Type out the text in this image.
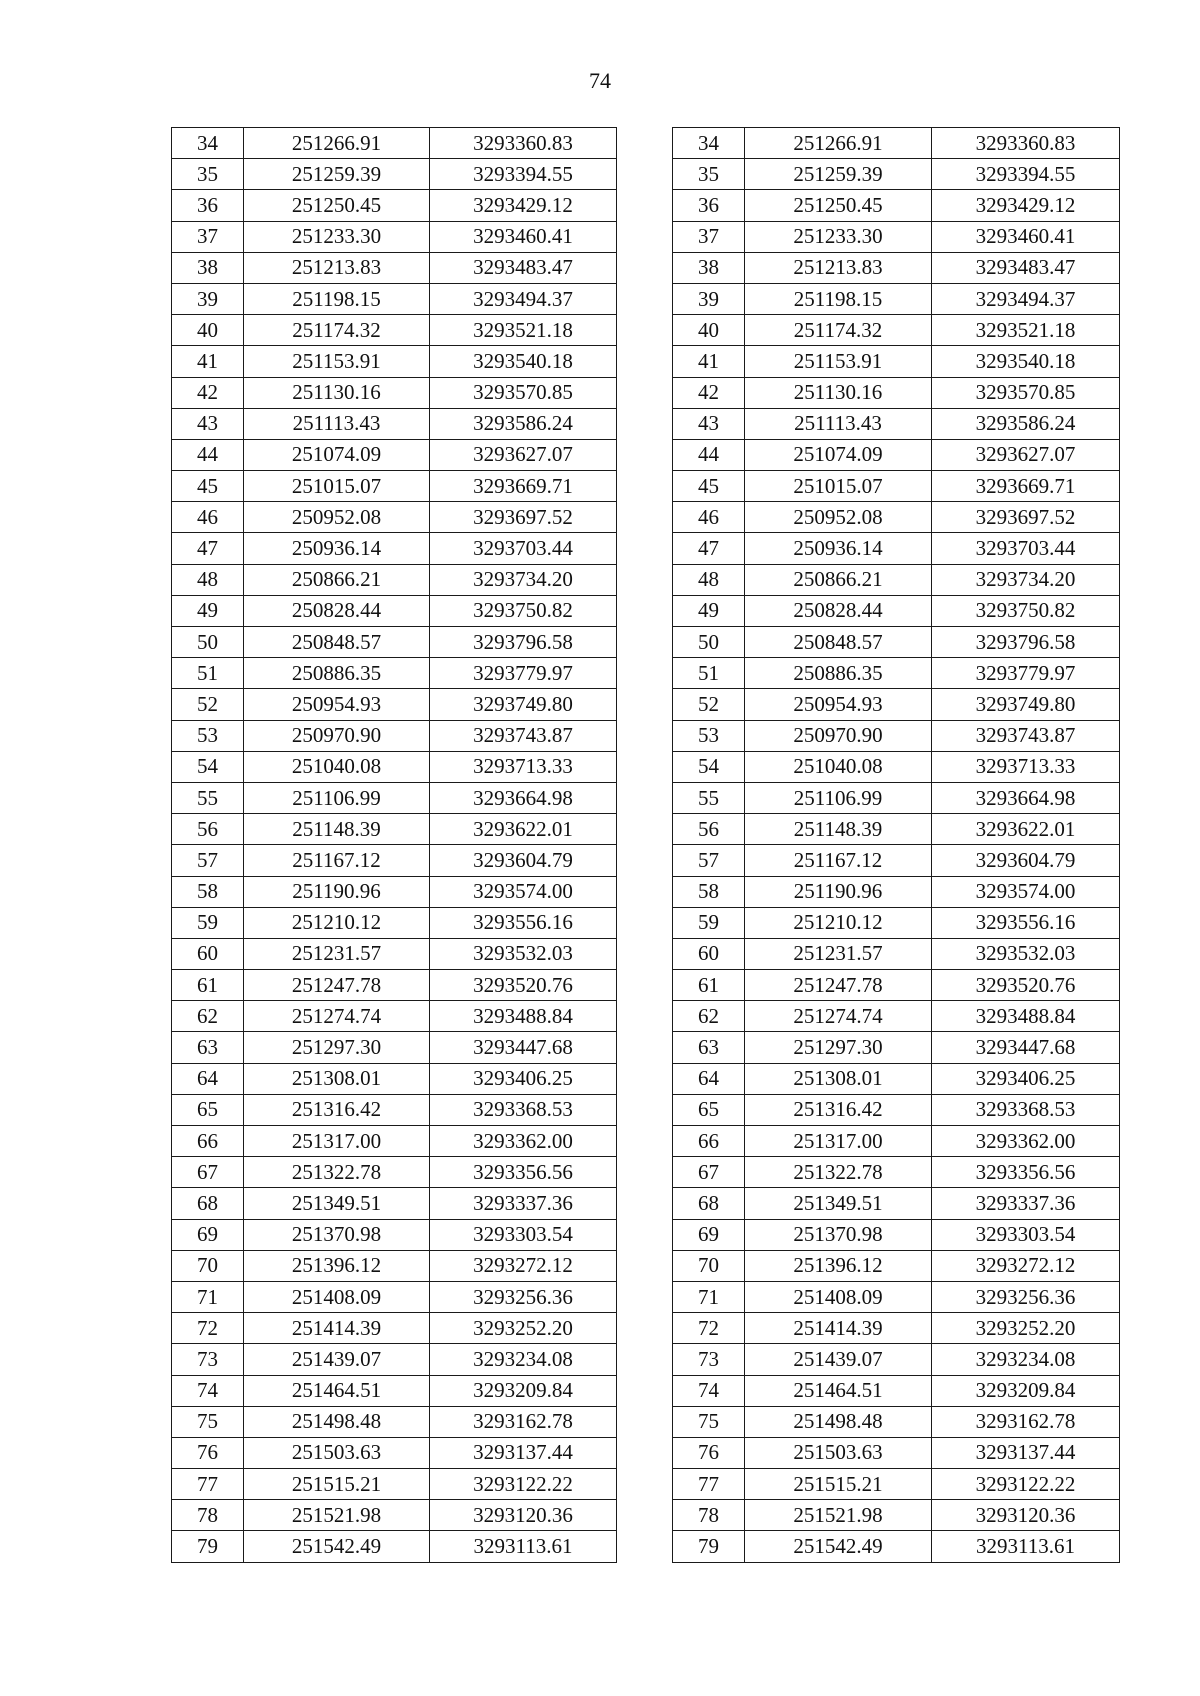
74
34	251266.91	3293360.83		34	251266.91	3293360.83
35	251259.39	3293394.55		35	251259.39	3293394.55
36	251250.45	3293429.12		36	251250.45	3293429.12
37	251233.30	3293460.41		37	251233.30	3293460.41
38	251213.83	3293483.47		38	251213.83	3293483.47
39	251198.15	3293494.37		39	251198.15	3293494.37
40	251174.32	3293521.18		40	251174.32	3293521.18
41	251153.91	3293540.18		41	251153.91	3293540.18
42	251130.16	3293570.85		42	251130.16	3293570.85
43	251113.43	3293586.24		43	251113.43	3293586.24
44	251074.09	3293627.07		44	251074.09	3293627.07
45	251015.07	3293669.71		45	251015.07	3293669.71
46	250952.08	3293697.52		46	250952.08	3293697.52
47	250936.14	3293703.44		47	250936.14	3293703.44
48	250866.21	3293734.20		48	250866.21	3293734.20
49	250828.44	3293750.82		49	250828.44	3293750.82
50	250848.57	3293796.58		50	250848.57	3293796.58
51	250886.35	3293779.97		51	250886.35	3293779.97
52	250954.93	3293749.80		52	250954.93	3293749.80
53	250970.90	3293743.87		53	250970.90	3293743.87
54	251040.08	3293713.33		54	251040.08	3293713.33
55	251106.99	3293664.98		55	251106.99	3293664.98
56	251148.39	3293622.01		56	251148.39	3293622.01
57	251167.12	3293604.79		57	251167.12	3293604.79
58	251190.96	3293574.00		58	251190.96	3293574.00
59	251210.12	3293556.16		59	251210.12	3293556.16
60	251231.57	3293532.03		60	251231.57	3293532.03
61	251247.78	3293520.76		61	251247.78	3293520.76
62	251274.74	3293488.84		62	251274.74	3293488.84
63	251297.30	3293447.68		63	251297.30	3293447.68
64	251308.01	3293406.25		64	251308.01	3293406.25
65	251316.42	3293368.53		65	251316.42	3293368.53
66	251317.00	3293362.00		66	251317.00	3293362.00
67	251322.78	3293356.56		67	251322.78	3293356.56
68	251349.51	3293337.36		68	251349.51	3293337.36
69	251370.98	3293303.54		69	251370.98	3293303.54
70	251396.12	3293272.12		70	251396.12	3293272.12
71	251408.09	3293256.36		71	251408.09	3293256.36
72	251414.39	3293252.20		72	251414.39	3293252.20
73	251439.07	3293234.08		73	251439.07	3293234.08
74	251464.51	3293209.84		74	251464.51	3293209.84
75	251498.48	3293162.78		75	251498.48	3293162.78
76	251503.63	3293137.44		76	251503.63	3293137.44
77	251515.21	3293122.22		77	251515.21	3293122.22
78	251521.98	3293120.36		78	251521.98	3293120.36
79	251542.49	3293113.61		79	251542.49	3293113.61
